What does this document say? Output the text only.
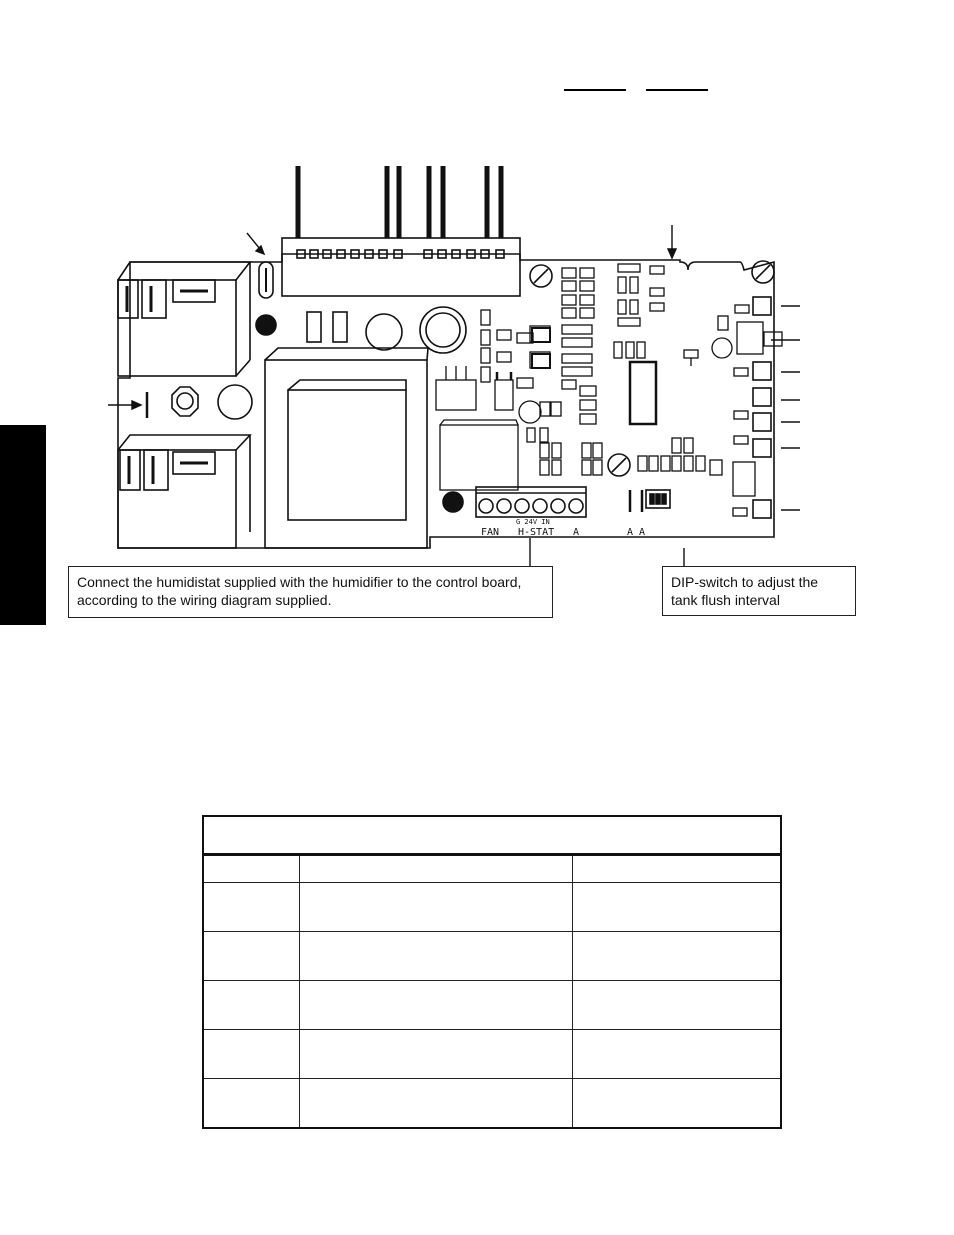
G 24V IN
FAN H-STAT A	A A
Connect the humidistat supplied with the humidifier to the control board, according to the wiring diagram supplied.
DIP-switch to adjust the tank flush interval
